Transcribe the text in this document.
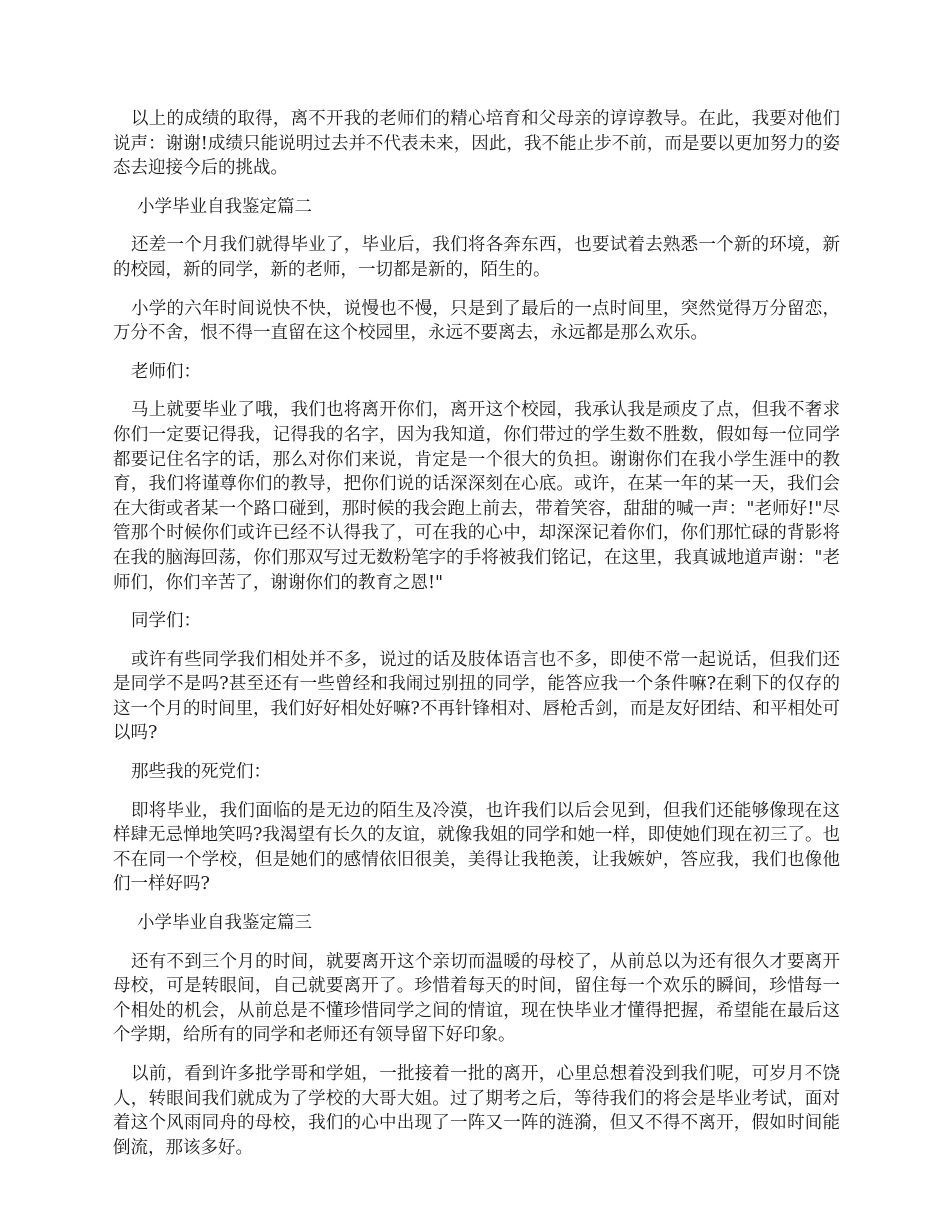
以上的成绩的取得，离不开我的老师们的精心培育和父母亲的谆谆教导。在此，我要对他们说声：谢谢!成绩只能说明过去并不代表未来，因此，我不能止步不前，而是要以更加努力的姿态去迎接今后的挑战。

小学毕业自我鉴定篇二

还差一个月我们就得毕业了，毕业后，我们将各奔东西，也要试着去熟悉一个新的环境，新的校园，新的同学，新的老师，一切都是新的，陌生的。

小学的六年时间说快不快，说慢也不慢，只是到了最后的一点时间里，突然觉得万分留恋，万分不舍，恨不得一直留在这个校园里，永远不要离去，永远都是那么欢乐。

老师们：

马上就要毕业了哦，我们也将离开你们，离开这个校园，我承认我是顽皮了点，但我不奢求你们一定要记得我，记得我的名字，因为我知道，你们带过的学生数不胜数，假如每一位同学都要记住名字的话，那么对你们来说，肯定是一个很大的负担。谢谢你们在我小学生涯中的教育，我们将谨尊你们的教导，把你们说的话深深刻在心底。或许，在某一年的某一天，我们会在大街或者某一个路口碰到，那时候的我会跑上前去，带着笑容，甜甜的喊一声："老师好!"尽管那个时候你们或许已经不认得我了，可在我的心中，却深深记着你们，你们那忙碌的背影将在我的脑海回荡，你们那双写过无数粉笔字的手将被我们铭记，在这里，我真诚地道声谢："老师们，你们辛苦了，谢谢你们的教育之恩!"

同学们：

或许有些同学我们相处并不多，说过的话及肢体语言也不多，即使不常一起说话，但我们还是同学不是吗?甚至还有一些曾经和我闹过别扭的同学，能答应我一个条件嘛?在剩下的仅存的这一个月的时间里，我们好好相处好嘛?不再针锋相对、唇枪舌剑，而是友好团结、和平相处可以吗?

那些我的死党们：

即将毕业，我们面临的是无边的陌生及冷漠，也许我们以后会见到，但我们还能够像现在这样肆无忌惮地笑吗?我渴望有长久的友谊，就像我姐的同学和她一样，即使她们现在初三了。也不在同一个学校，但是她们的感情依旧很美，美得让我艳羡，让我嫉妒，答应我，我们也像他们一样好吗?

小学毕业自我鉴定篇三

还有不到三个月的时间，就要离开这个亲切而温暖的母校了，从前总以为还有很久才要离开母校，可是转眼间，自己就要离开了。珍惜着每天的时间，留住每一个欢乐的瞬间，珍惜每一个相处的机会，从前总是不懂珍惜同学之间的情谊，现在快毕业才懂得把握，希望能在最后这个学期，给所有的同学和老师还有领导留下好印象。

以前，看到许多批学哥和学姐，一批接着一批的离开，心里总想着没到我们呢，可岁月不饶人，转眼间我们就成为了学校的大哥大姐。过了期考之后，等待我们的将会是毕业考试，面对着这个风雨同舟的母校，我们的心中出现了一阵又一阵的涟漪，但又不得不离开，假如时间能倒流，那该多好。
